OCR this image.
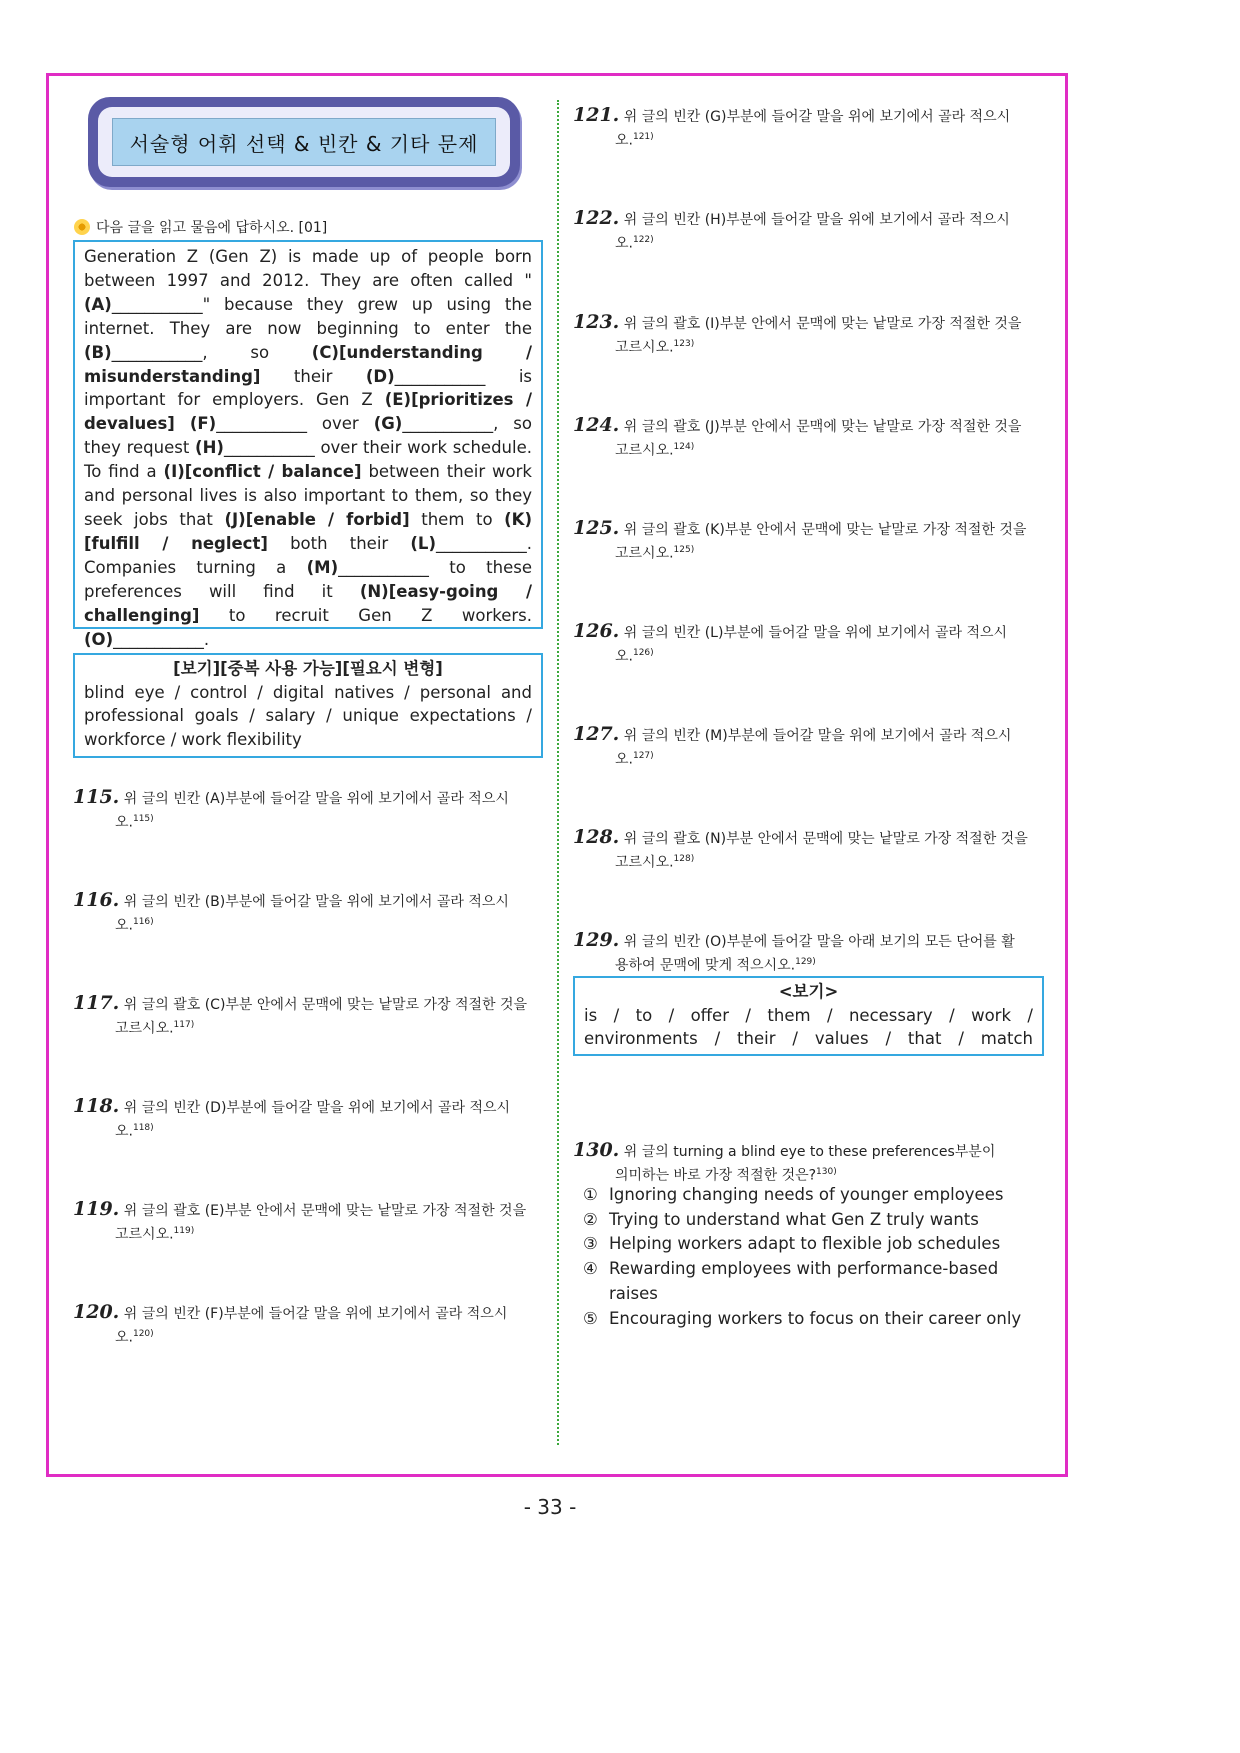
서술형 어휘 선택 & 빈칸 & 기타 문제
다음 글을 읽고 물음에 답하시오. [01]
Generation Z (Gen Z) is made up of people born between 1997 and 2012. They are often called "(A)___________" because they grew up using the internet. They are now beginning to enter the (B)___________, so (C)[understanding / misunderstanding] their (D)___________ is important for employers. Gen Z (E)[prioritizes / devalues] (F)___________ over (G)___________, so they request (H)___________ over their work schedule. To find a (I)[conflict / balance] between their work and personal lives is also important to them, so they seek jobs that (J)[enable / forbid] them to (K)[fulfill / neglect] both their (L)___________. Companies turning a (M)___________ to these preferences will find it (N)[easy-going / challenging] to recruit Gen Z workers. (O)___________.
[보기][중복 사용 가능][필요시 변형]
blind eye / control / digital natives / personal and professional goals / salary / unique expectations / workforce / work flexibility
115. 위 글의 빈칸 (A)부분에 들어갈 말을 위에 보기에서 골라 적으시
오.$^{115)}$
116. 위 글의 빈칸 (B)부분에 들어갈 말을 위에 보기에서 골라 적으시
오.$^{116)}$
117. 위 글의 괄호 (C)부분 안에서 문맥에 맞는 낱말로 가장 적절한 것을
고르시오.$^{117)}$
118. 위 글의 빈칸 (D)부분에 들어갈 말을 위에 보기에서 골라 적으시
오.$^{118)}$
119. 위 글의 괄호 (E)부분 안에서 문맥에 맞는 낱말로 가장 적절한 것을
고르시오.$^{119)}$
120. 위 글의 빈칸 (F)부분에 들어갈 말을 위에 보기에서 골라 적으시
오.$^{120)}$
121. 위 글의 빈칸 (G)부분에 들어갈 말을 위에 보기에서 골라 적으시
오.$^{121)}$
122. 위 글의 빈칸 (H)부분에 들어갈 말을 위에 보기에서 골라 적으시
오.$^{122)}$
123. 위 글의 괄호 (I)부분 안에서 문맥에 맞는 낱말로 가장 적절한 것을
고르시오.$^{123)}$
124. 위 글의 괄호 (J)부분 안에서 문맥에 맞는 낱말로 가장 적절한 것을
고르시오.$^{124)}$
125. 위 글의 괄호 (K)부분 안에서 문맥에 맞는 낱말로 가장 적절한 것을
고르시오.$^{125)}$
126. 위 글의 빈칸 (L)부분에 들어갈 말을 위에 보기에서 골라 적으시
오.$^{126)}$
127. 위 글의 빈칸 (M)부분에 들어갈 말을 위에 보기에서 골라 적으시
오.$^{127)}$
128. 위 글의 괄호 (N)부분 안에서 문맥에 맞는 낱말로 가장 적절한 것을
고르시오.$^{128)}$
129. 위 글의 빈칸 (O)부분에 들어갈 말을 아래 보기의 모든 단어를 활
용하여 문맥에 맞게 적으시오.$^{129)}$
<보기>
is / to / offer / them / necessary / work /
environments / their / values / that / match
130. 위 글의 turning a blind eye to these preferences부분이
의미하는 바로 가장 적절한 것은?$^{130)}$
① Ignoring changing needs of younger employees
② Trying to understand what Gen Z truly wants
③ Helping workers adapt to flexible job schedules
④ Rewarding employees with performance-based raises
⑤ Encouraging workers to focus on their career only
- 33 -
